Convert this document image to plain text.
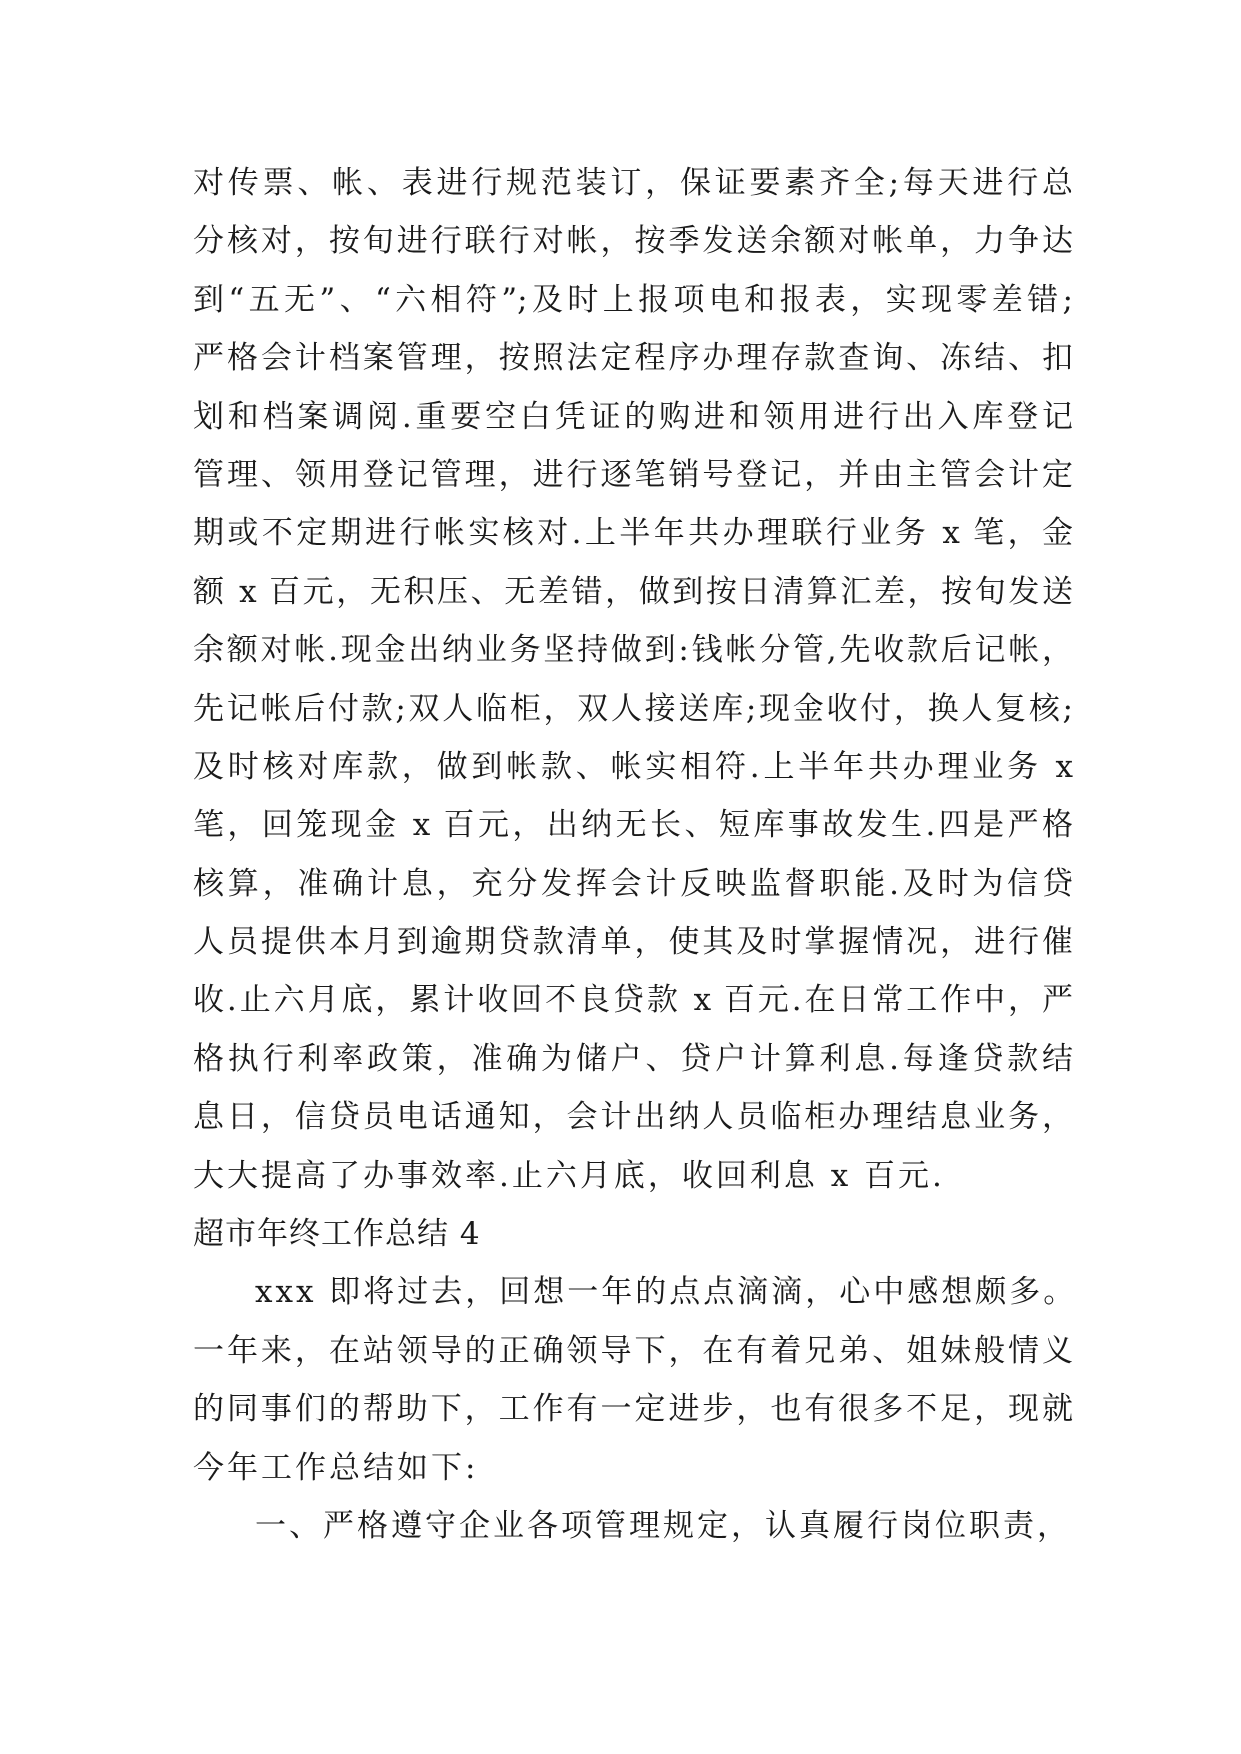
对传票、帐、表进行规范装订，保证要素齐全;每天进行总
分核对，按旬进行联行对帐，按季发送余额对帐单，力争达
到“五无”、“六相符”;及时上报项电和报表，实现零差错;
严格会计档案管理，按照法定程序办理存款查询、冻结、扣
划和档案调阅.重要空白凭证的购进和领用进行出入库登记
管理、领用登记管理，进行逐笔销号登记，并由主管会计定
期或不定期进行帐实核对.上半年共办理联行业务 x 笔，金
额 x 百元，无积压、无差错，做到按日清算汇差，按旬发送
余额对帐.现金出纳业务坚持做到:钱帐分管,先收款后记帐，
先记帐后付款;双人临柜，双人接送库;现金收付，换人复核;
及时核对库款，做到帐款、帐实相符.上半年共办理业务 x
笔，回笼现金 x 百元，出纳无长、短库事故发生.四是严格
核算，准确计息，充分发挥会计反映监督职能.及时为信贷
人员提供本月到逾期贷款清单，使其及时掌握情况，进行催
收.止六月底，累计收回不良贷款 x 百元.在日常工作中，严
格执行利率政策，准确为储户、贷户计算利息.每逢贷款结
息日，信贷员电话通知，会计出纳人员临柜办理结息业务，
大大提高了办事效率.止六月底，收回利息 x 百元.
超市年终工作总结 4
xxx 即将过去，回想一年的点点滴滴，心中感想颇多。
一年来，在站领导的正确领导下，在有着兄弟、姐妹般情义
的同事们的帮助下，工作有一定进步，也有很多不足，现就
今年工作总结如下:
一、严格遵守企业各项管理规定，认真履行岗位职责，
